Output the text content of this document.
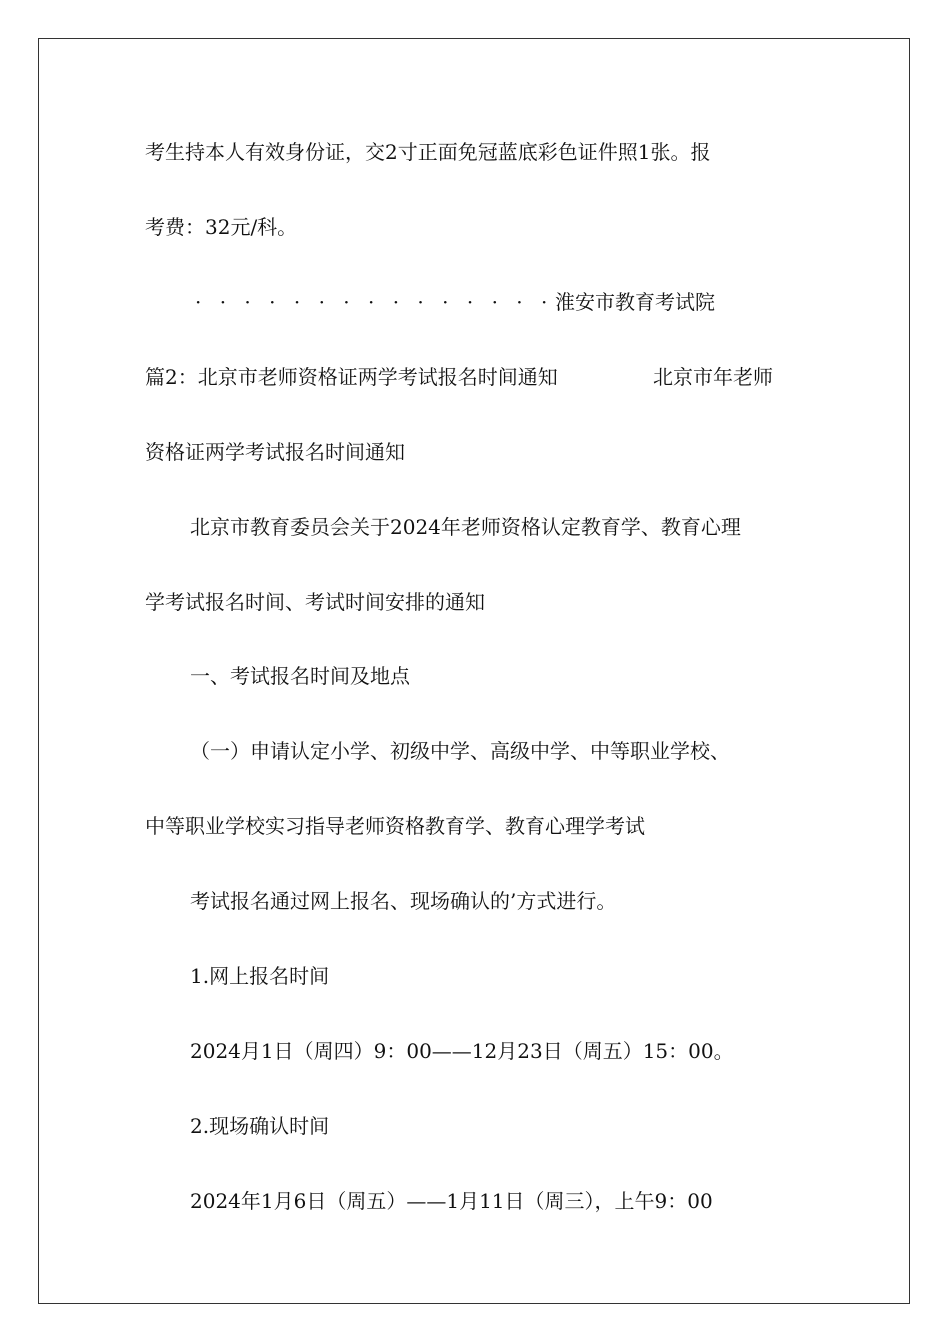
考生持本人有效身份证，交2寸正面免冠蓝底彩色证件照1张。报
考费：32元/科。
· · · · · · · · · · · · · · · 淮安市教育考试院
篇2：北京市老师资格证两学考试报名时间通知	北京市年老师
资格证两学考试报名时间通知
北京市教育委员会关于2024年老师资格认定教育学、教育心理
学考试报名时间、考试时间安排的通知
一、考试报名时间及地点
（一）申请认定小学、初级中学、高级中学、中等职业学校、
中等职业学校实习指导老师资格教育学、教育心理学考试
考试报名通过网上报名、现场确认的’方式进行。
1.网上报名时间
2024月1日（周四）9：00——12月23日（周五）15：00。
2.现场确认时间
2024年1月6日（周五）——1月11日（周三），上午9：00
